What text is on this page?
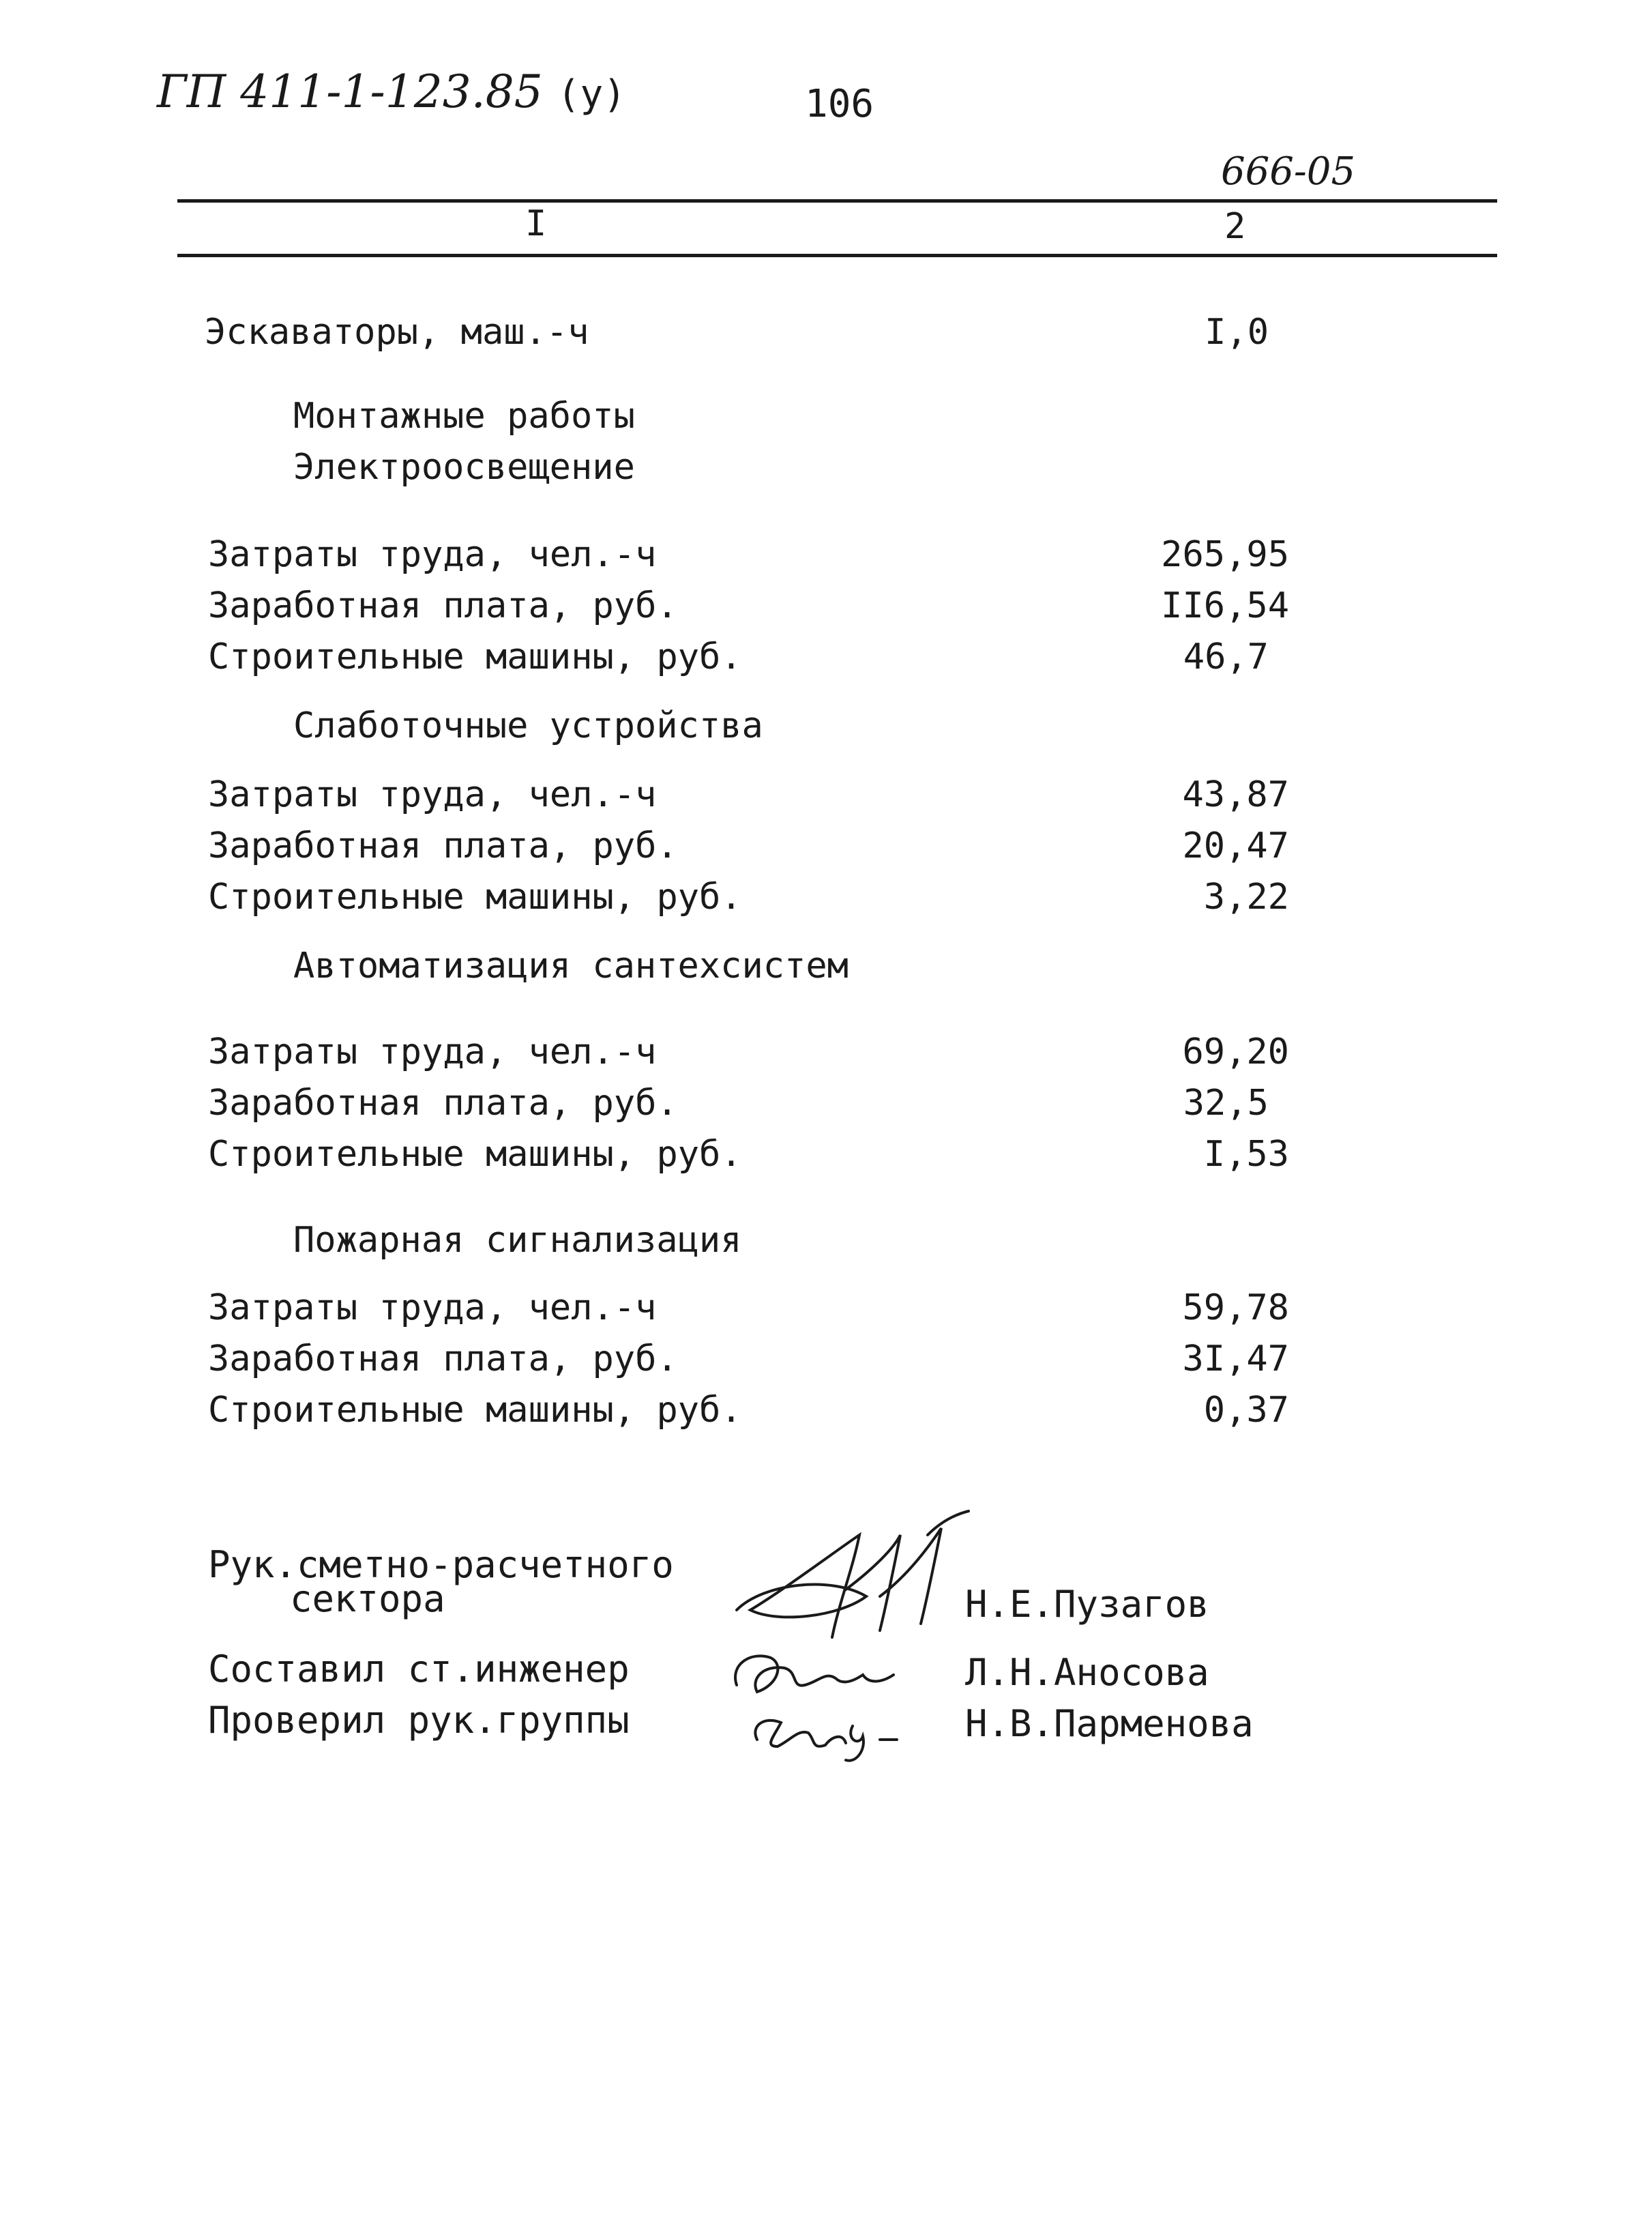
ГП 411-1-123.85 (у)	106
666-05
I	2
Эскаваторы, маш.-ч	I,0
Монтажные работы
Электроосвещение
Затраты труда, чел.-ч	265,95
Заработная плата, руб.	II6,54
Строительные машины, руб.	46,7
Слаботочные устройства
Затраты труда, чел.-ч	43,87
Заработная плата, руб.	20,47
Строительные машины, руб.	3,22
Автоматизация сантехсистем
Затраты труда, чел.-ч	69,20
Заработная плата, руб.	32,5
Строительные машины, руб.	I,53
Пожарная сигнализация
Затраты труда, чел.-ч	59,78
Заработная плата, руб.	3I,47
Строительные машины, руб.	0,37
Рук.сметно-расчетного
сектора	Н.Е.Пузагов
Составил ст.инженер	Л.Н.Аносова
Проверил рук.группы	Н.В.Парменова
